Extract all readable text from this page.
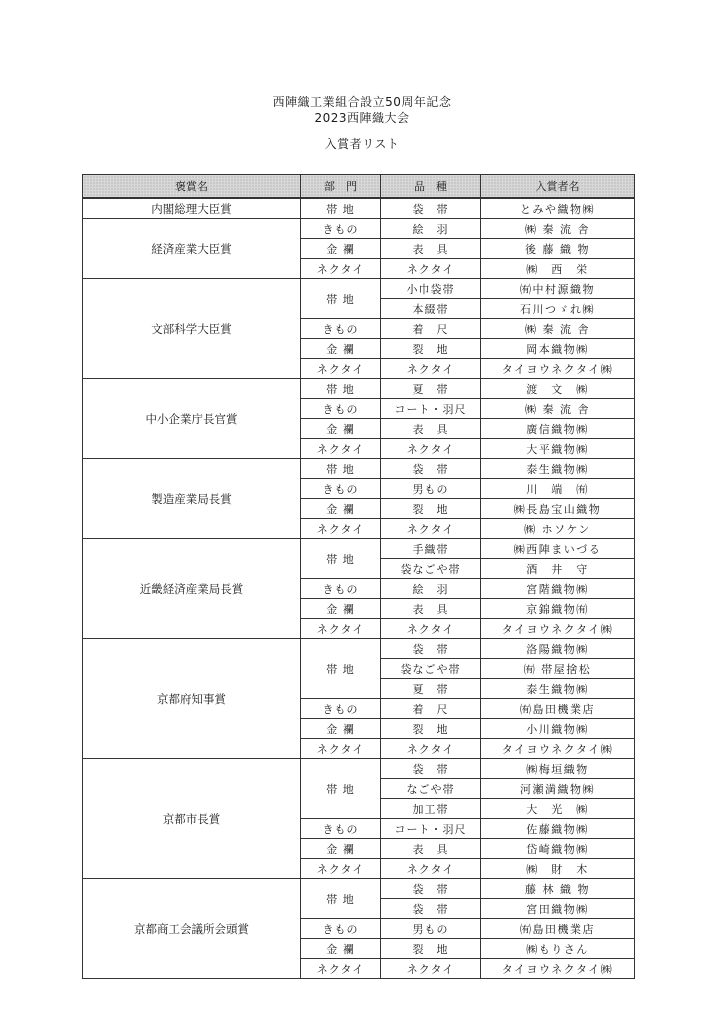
西陣織工業組合設立50周年記念
2023西陣織大会
入賞者リスト
褒賞名	部　門	品　種	入賞者名
内閣総理大臣賞	帯 地	袋　帯	とみや織物㈱
経済産業大臣賞	きもの	絵　羽	㈱ 秦 流 舎
	金 襴	表　具	後 藤 織 物
	ネクタイ	ネクタイ	㈱　西　栄
文部科学大臣賞	帯 地	小巾袋帯	㈲中村源織物
		本綴帯	石川つゞれ㈱
	きもの	着　尺	㈱ 秦 流 舎
	金 襴	裂　地	岡本織物㈱
	ネクタイ	ネクタイ	タイヨウネクタイ㈱
中小企業庁長官賞	帯 地	夏　帯	渡　文　㈱
	きもの	コート・羽尺	㈱ 秦 流 舎
	金 襴	表　具	廣信織物㈱
	ネクタイ	ネクタイ	大平織物㈱
製造産業局長賞	帯 地	袋　帯	泰生織物㈱
	きもの	男もの	川　端　㈲
	金 襴	裂　地	㈱長島宝山織物
	ネクタイ	ネクタイ	㈱ ホソケン
近畿経済産業局長賞	帯 地	手織帯	㈱西陣まいづる
		袋なごや帯	酒　井　守
	きもの	絵　羽	宮階織物㈱
	金 襴	表　具	京錦織物㈲
	ネクタイ	ネクタイ	タイヨウネクタイ㈱
京都府知事賞	帯 地	袋　帯	洛陽織物㈱
		袋なごや帯	㈲ 帯屋捨松
		夏　帯	泰生織物㈱
	きもの	着　尺	㈲島田機業店
	金 襴	裂　地	小川織物㈱
	ネクタイ	ネクタイ	タイヨウネクタイ㈱
京都市長賞	帯 地	袋　帯	㈱梅垣織物
		なごや帯	河瀬満織物㈱
		加工帯	大　光　㈱
	きもの	コート・羽尺	佐藤織物㈱
	金 襴	表　具	岱崎織物㈱
	ネクタイ	ネクタイ	㈱　財　木
京都商工会議所会頭賞	帯 地	袋　帯	藤 林 織 物
		袋　帯	宮田織物㈱
	きもの	男もの	㈲島田機業店
	金 襴	裂　地	㈱もりさん
	ネクタイ	ネクタイ	タイヨウネクタイ㈱
